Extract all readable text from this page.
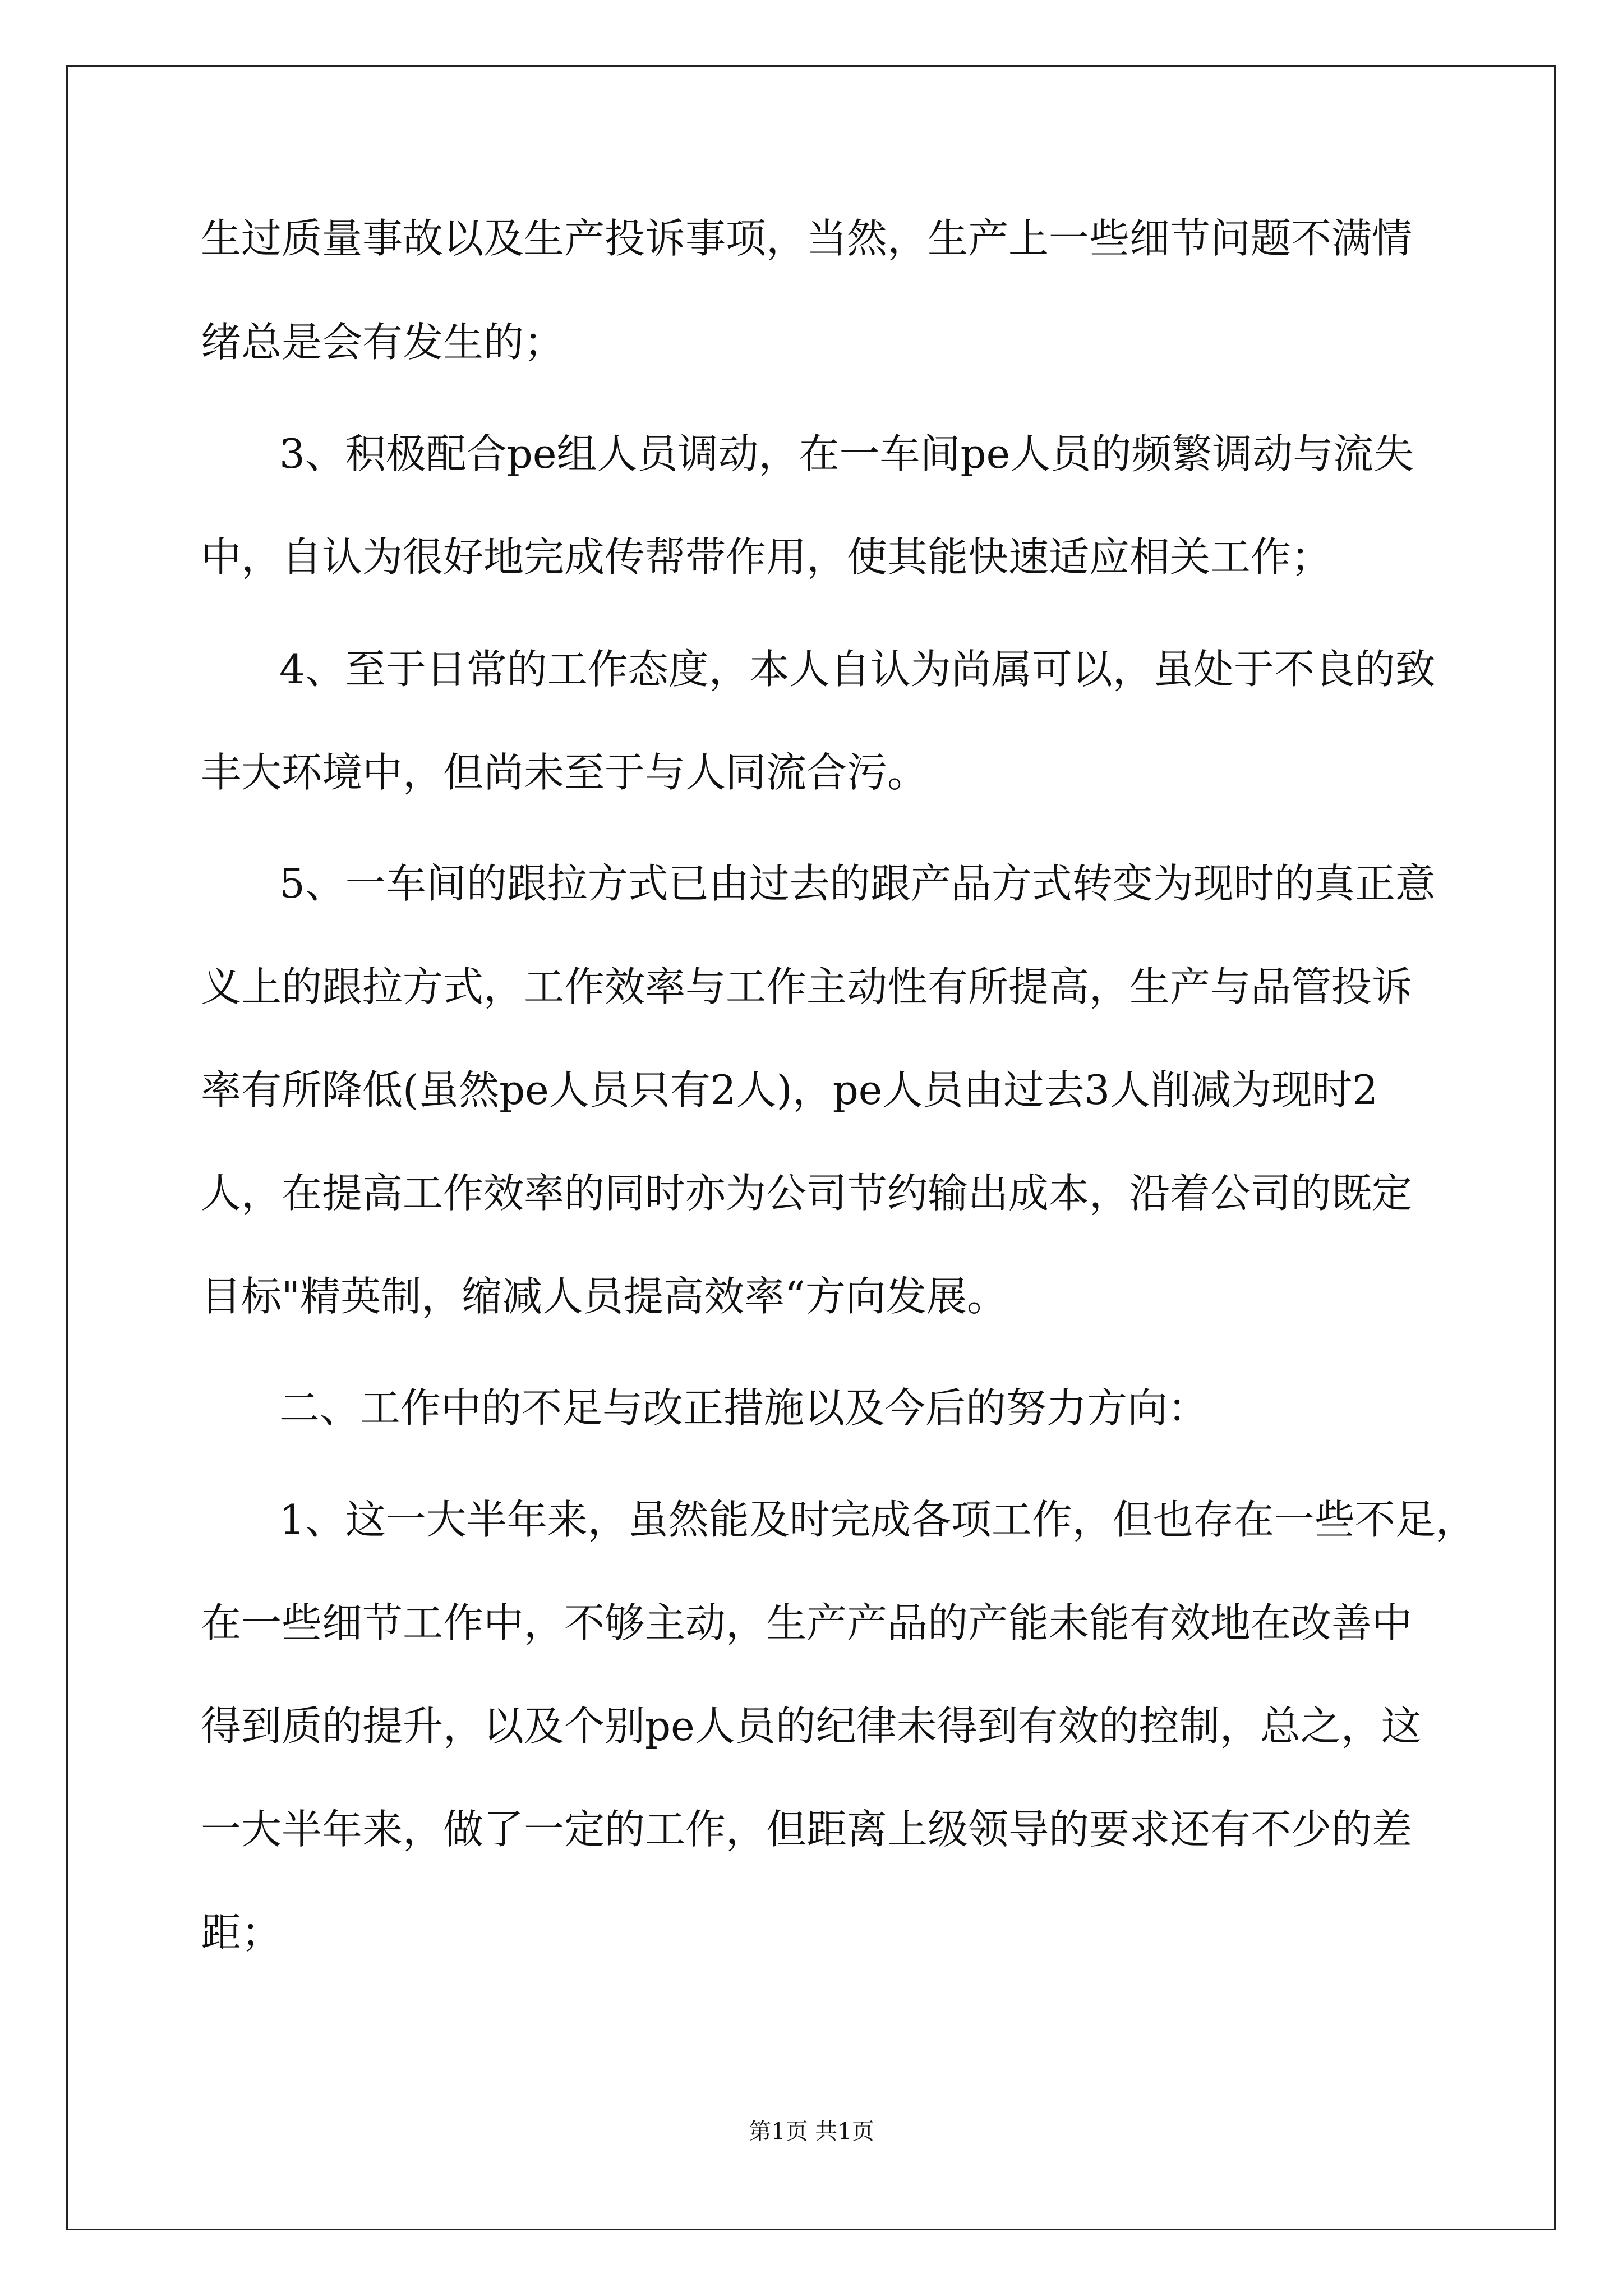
生过质量事故以及生产投诉事项，当然，生产上一些细节问题不满情
绪总是会有发生的；
3、积极配合pe组人员调动，在一车间pe人员的频繁调动与流失
中，自认为很好地完成传帮带作用，使其能快速适应相关工作；
4、至于日常的工作态度，本人自认为尚属可以，虽处于不良的致
丰大环境中，但尚未至于与人同流合污。
5、一车间的跟拉方式已由过去的跟产品方式转变为现时的真正意
义上的跟拉方式，工作效率与工作主动性有所提高，生产与品管投诉
率有所降低(虽然pe人员只有2人)，pe人员由过去3人削减为现时2
人，在提高工作效率的同时亦为公司节约输出成本，沿着公司的既定
目标"精英制，缩减人员提高效率“方向发展。
二、工作中的不足与改正措施以及今后的努力方向：
1、这一大半年来，虽然能及时完成各项工作，但也存在一些不足，
在一些细节工作中，不够主动，生产产品的产能未能有效地在改善中
得到质的提升，以及个别pe人员的纪律未得到有效的控制，总之，这
一大半年来，做了一定的工作，但距离上级领导的要求还有不少的差
距；
第1页 共1页
